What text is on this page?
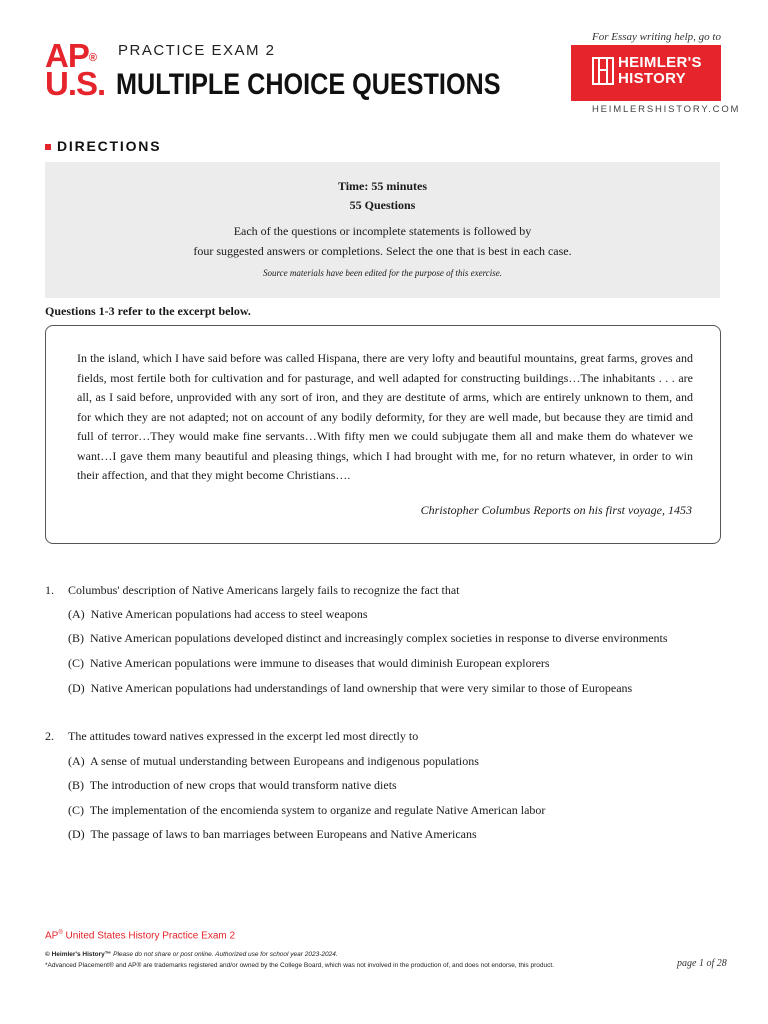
AP®
U.S.
PRACTICE EXAM 2
MULTIPLE CHOICE QUESTIONS
For Essay writing help, go to
HEIMLER'S
HISTORY
HEIMLERSHISTORY.COM
DIRECTIONS
Time: 55 minutes
55 Questions
Each of the questions or incomplete statements is followed by
four suggested answers or completions. Select the one that is best in each case.
Source materials have been edited for the purpose of this exercise.
Questions 1-3 refer to the excerpt below.
In the island, which I have said before was called Hispana, there are very lofty and beautiful mountains, great farms, groves and fields, most fertile both for cultivation and for pasturage, and well adapted for constructing buildings…The inhabitants . . . are all, as I said before, unprovided with any sort of iron, and they are destitute of arms, which are entirely unknown to them, and for which they are not adapted; not on account of any bodily deformity, for they are well made, but because they are timid and full of terror…They would make fine servants…With fifty men we could subjugate them all and make them do whatever we want…I gave them many beautiful and pleasing things, which I had brought with me, for no return whatever, in order to win their affection, and that they might become Christians….
Christopher Columbus Reports on his first voyage, 1453
1. Columbus' description of Native Americans largely fails to recognize the fact that
(A) Native American populations had access to steel weapons
(B) Native American populations developed distinct and increasingly complex societies in response to diverse environments
(C) Native American populations were immune to diseases that would diminish European explorers
(D) Native American populations had understandings of land ownership that were very similar to those of Europeans
2. The attitudes toward natives expressed in the excerpt led most directly to
(A) A sense of mutual understanding between Europeans and indigenous populations
(B) The introduction of new crops that would transform native diets
(C) The implementation of the encomienda system to organize and regulate Native American labor
(D) The passage of laws to ban marriages between Europeans and Native Americans
AP® United States History Practice Exam 2
© Heimler's History™ Please do not share or post online. Authorized use for school year 2023-2024.
*Advanced Placement® and AP® are trademarks registered and/or owned by the College Board, which was not involved in the production of, and does not endorse, this product.	page 1 of 28
